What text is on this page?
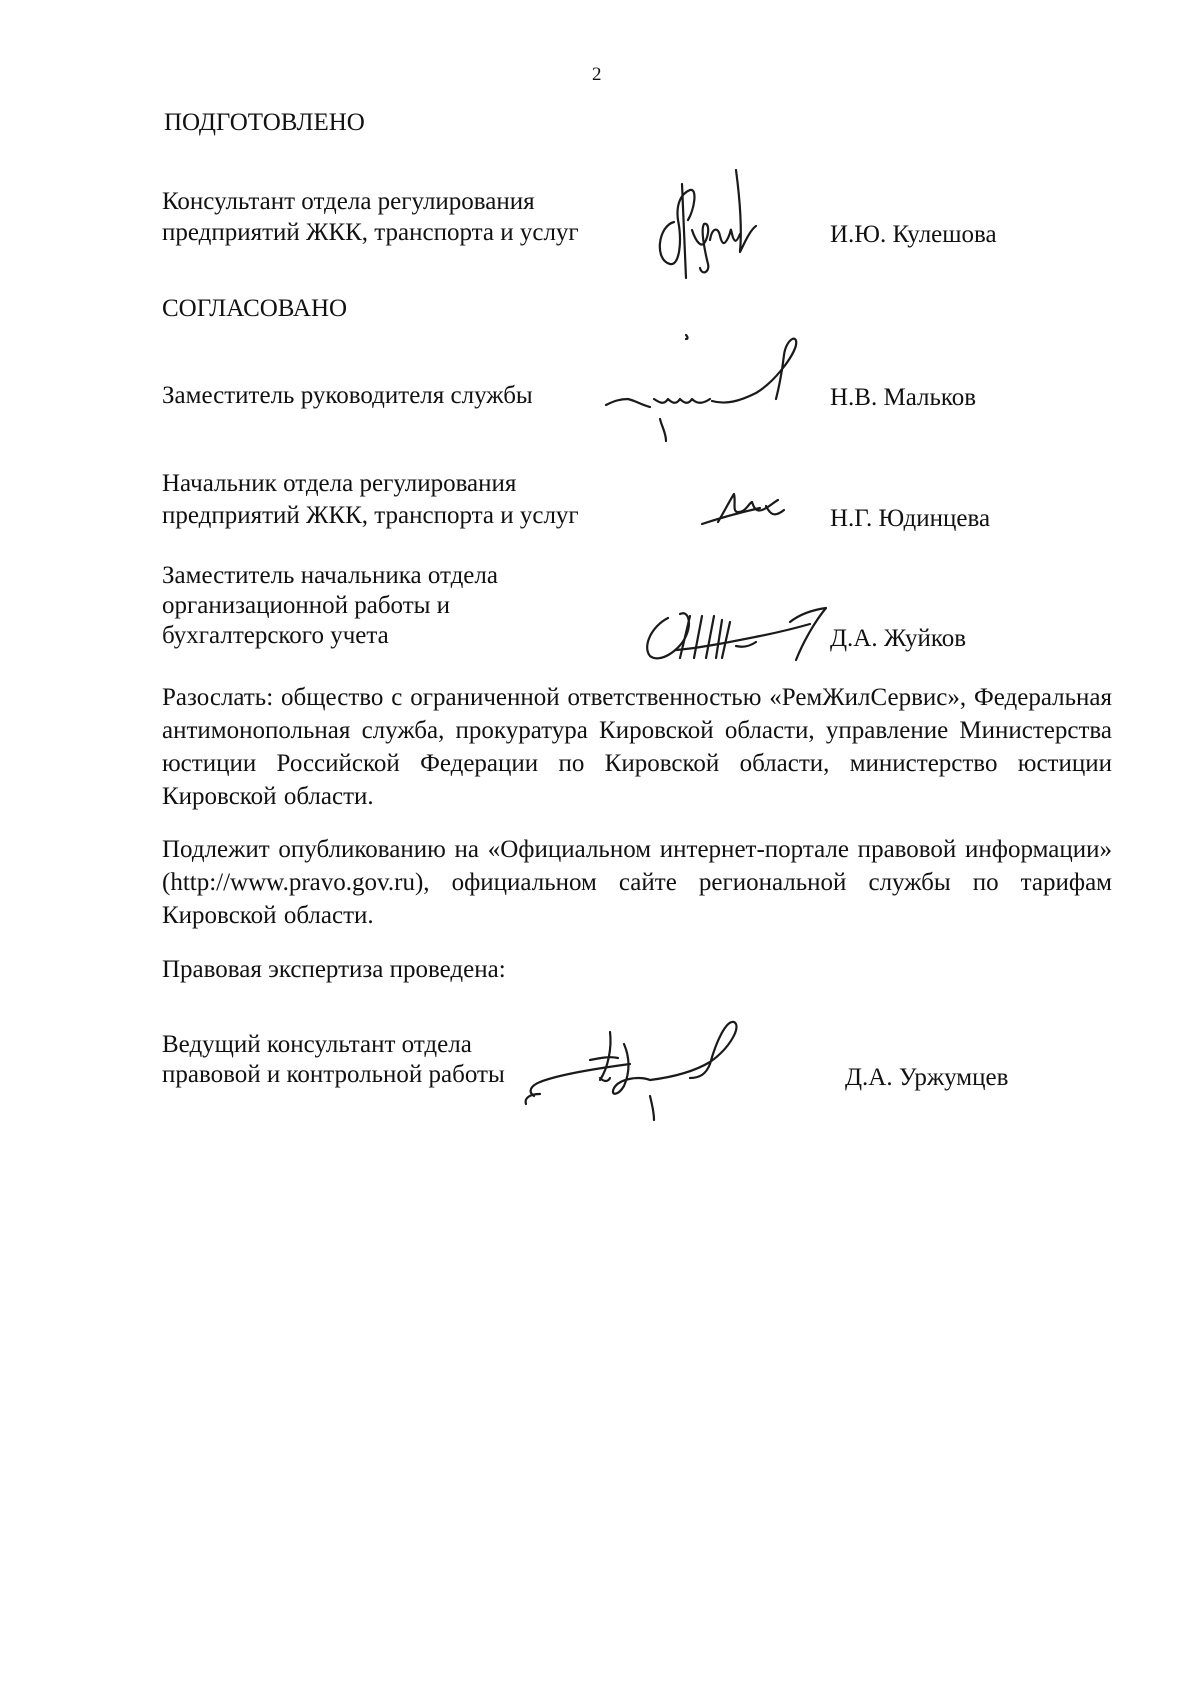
2
ПОДГОТОВЛЕНО
Консультант отдела регулирования
предприятий ЖКК, транспорта и услуг	И.Ю. Кулешова
СОГЛАСОВАНО
Заместитель руководителя службы	Н.В. Мальков
Начальник отдела регулирования
предприятий ЖКК, транспорта и услуг	Н.Г. Юдинцева
Заместитель начальника отдела
организационной работы и
бухгалтерского учета	Д.А. Жуйков
Разослать: общество с ограниченной ответственностью «РемЖилСервис», Федеральная антимонопольная служба, прокуратура Кировской области, управление Министерства юстиции Российской Федерации по Кировской области, министерство юстиции Кировской области.
Подлежит опубликованию на «Официальном интернет-портале правовой информации» (http://www.pravo.gov.ru), официальном сайте региональной службы по тарифам Кировской области.
Правовая экспертиза проведена:
Ведущий консультант отдела
правовой и контрольной работы	Д.А. Уржумцев
